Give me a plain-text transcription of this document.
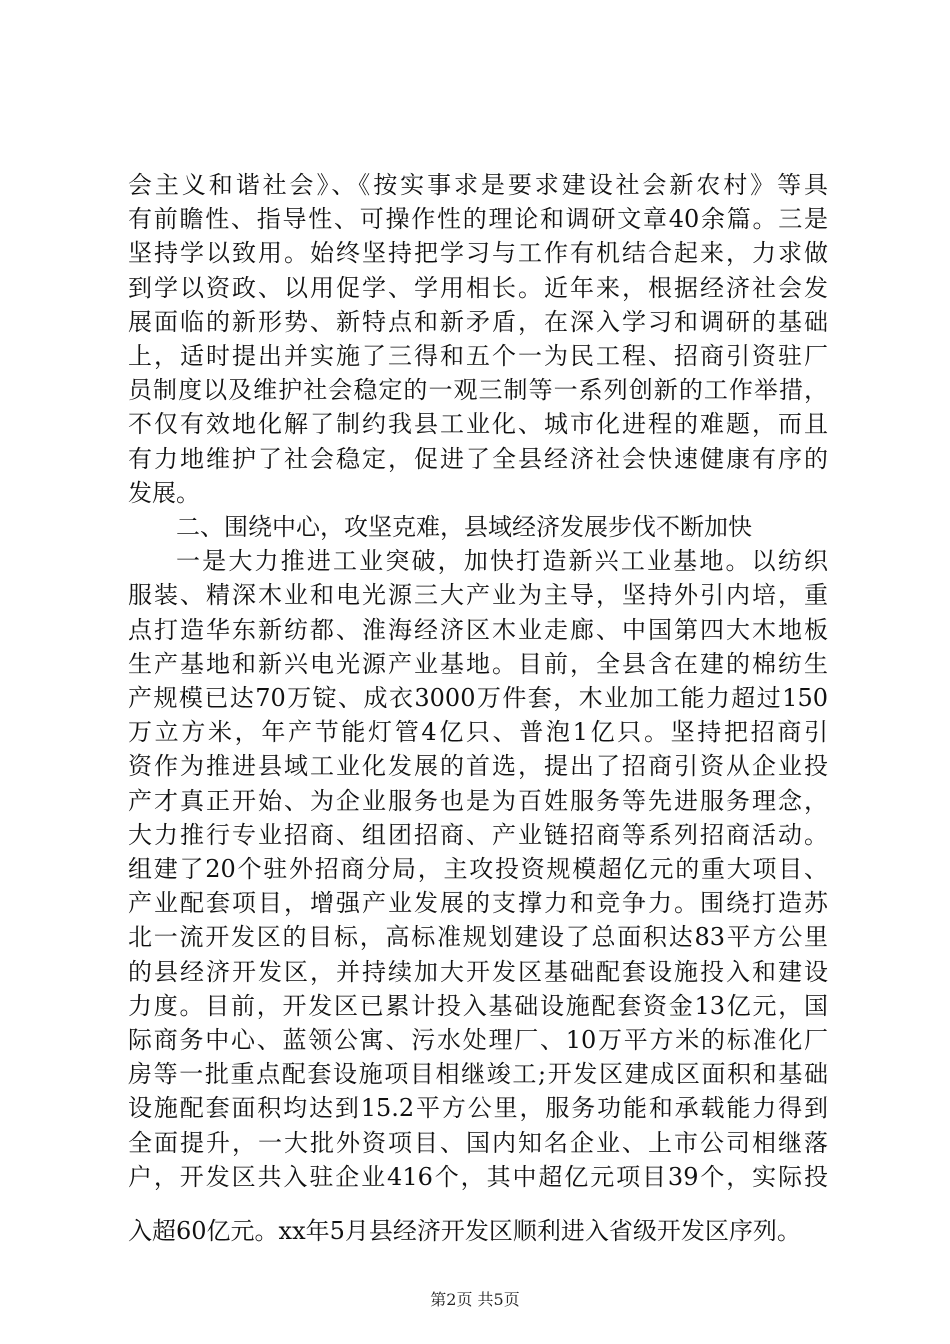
会主义和谐社会》、《按实事求是要求建设社会新农村》等具
有前瞻性、指导性、可操作性的理论和调研文章40余篇。三是
坚持学以致用。始终坚持把学习与工作有机结合起来，力求做
到学以资政、以用促学、学用相长。近年来，根据经济社会发
展面临的新形势、新特点和新矛盾，在深入学习和调研的基础
上，适时提出并实施了三得和五个一为民工程、招商引资驻厂
员制度以及维护社会稳定的一观三制等一系列创新的工作举措，
不仅有效地化解了制约我县工业化、城市化进程的难题，而且
有力地维护了社会稳定，促进了全县经济社会快速健康有序的
发展。
二、围绕中心，攻坚克难，县域经济发展步伐不断加快
一是大力推进工业突破，加快打造新兴工业基地。以纺织
服装、精深木业和电光源三大产业为主导，坚持外引内培，重
点打造华东新纺都、淮海经济区木业走廊、中国第四大木地板
生产基地和新兴电光源产业基地。目前，全县含在建的棉纺生
产规模已达70万锭、成衣3000万件套，木业加工能力超过150
万立方米，年产节能灯管4亿只、普泡1亿只。坚持把招商引
资作为推进县域工业化发展的首选，提出了招商引资从企业投
产才真正开始、为企业服务也是为百姓服务等先进服务理念，
大力推行专业招商、组团招商、产业链招商等系列招商活动。
组建了20个驻外招商分局，主攻投资规模超亿元的重大项目、
产业配套项目，增强产业发展的支撑力和竞争力。围绕打造苏
北一流开发区的目标，高标准规划建设了总面积达83平方公里
的县经济开发区，并持续加大开发区基础配套设施投入和建设
力度。目前，开发区已累计投入基础设施配套资金13亿元，国
际商务中心、蓝领公寓、污水处理厂、10万平方米的标准化厂
房等一批重点配套设施项目相继竣工;开发区建成区面积和基础
设施配套面积均达到15.2平方公里，服务功能和承载能力得到
全面提升，一大批外资项目、国内知名企业、上市公司相继落
户，开发区共入驻企业416个，其中超亿元项目39个，实际投
入超60亿元。xx年5月县经济开发区顺利进入省级开发区序列。
第2页 共5页
